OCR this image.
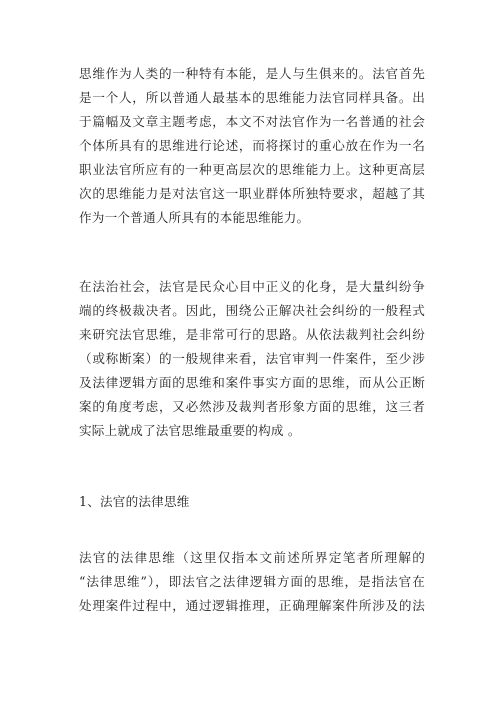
思维作为人类的一种特有本能，是人与生俱来的。法官首先
是一个人，所以普通人最基本的思维能力法官同样具备。出
于篇幅及文章主题考虑，本文不对法官作为一名普通的社会
个体所具有的思维进行论述，而将探讨的重心放在作为一名
职业法官所应有的一种更高层次的思维能力上。这种更高层
次的思维能力是对法官这一职业群体所独特要求，超越了其
作为一个普通人所具有的本能思维能力。

在法治社会，法官是民众心目中正义的化身，是大量纠纷争
端的终极裁决者。因此，围绕公正解决社会纠纷的一般程式
来研究法官思维，是非常可行的思路。从依法裁判社会纠纷
（或称断案）的一般规律来看，法官审判一件案件，至少涉
及法律逻辑方面的思维和案件事实方面的思维，而从公正断
案的角度考虑，又必然涉及裁判者形象方面的思维，这三者
实际上就成了法官思维最重要的构成 。

1、法官的法律思维

法官的法律思维（这里仅指本文前述所界定笔者所理解的
“法律思维”），即法官之法律逻辑方面的思维，是指法官在
处理案件过程中，通过逻辑推理，正确理解案件所涉及的法
